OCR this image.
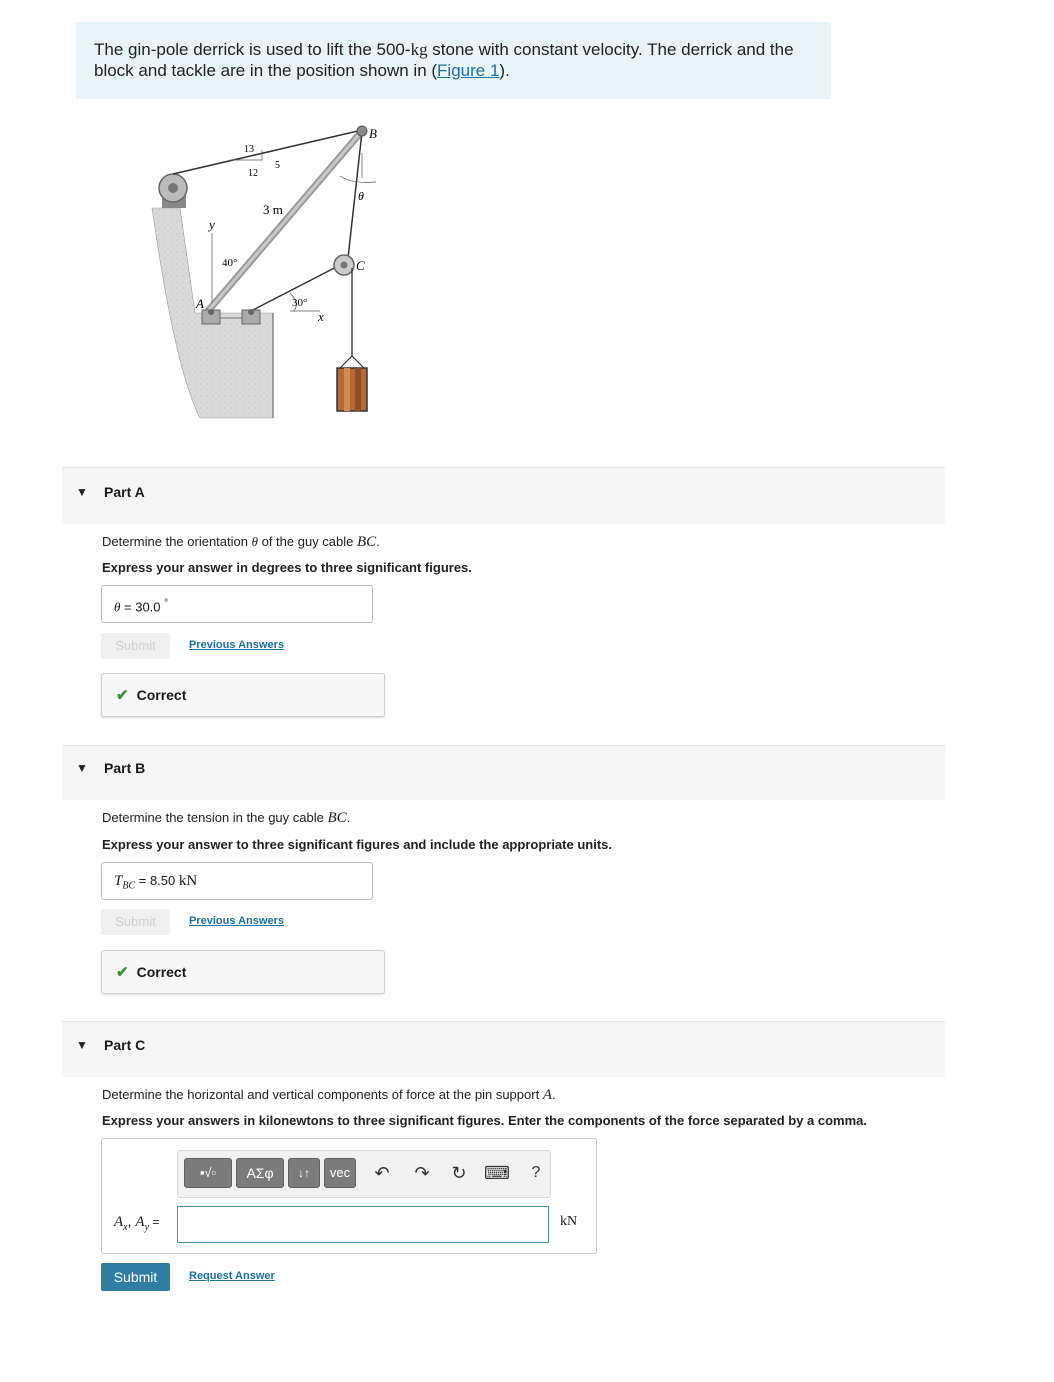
The gin-pole derrick is used to lift the 500-kg stone with constant velocity. The derrick and the block and tackle are in the position shown in (Figure 1).
B
C
A
y
x
θ
13
12
5
3 m
40°
30°
▼ Part A
Determine the orientation θ of the guy cable BC.
Express your answer in degrees to three significant figures.
θ = 30.0 °
Submit	Previous Answers
✔ Correct
▼ Part B
Determine the tension in the guy cable BC.
Express your answer to three significant figures and include the appropriate units.
$T_{BC} = 8.50$ kN
Submit	Previous Answers
✔ Correct
▼ Part C
Determine the horizontal and vertical components of force at the pin support A.
Express your answers in kilonewtons to three significant figures. Enter the components of the force separated by a comma.
▪√▫	ΑΣφ	↓↑	vec	↶ ↷ ↻ ⌨	?
$A_x$, $A_y$ =	kN
Submit	Request Answer
